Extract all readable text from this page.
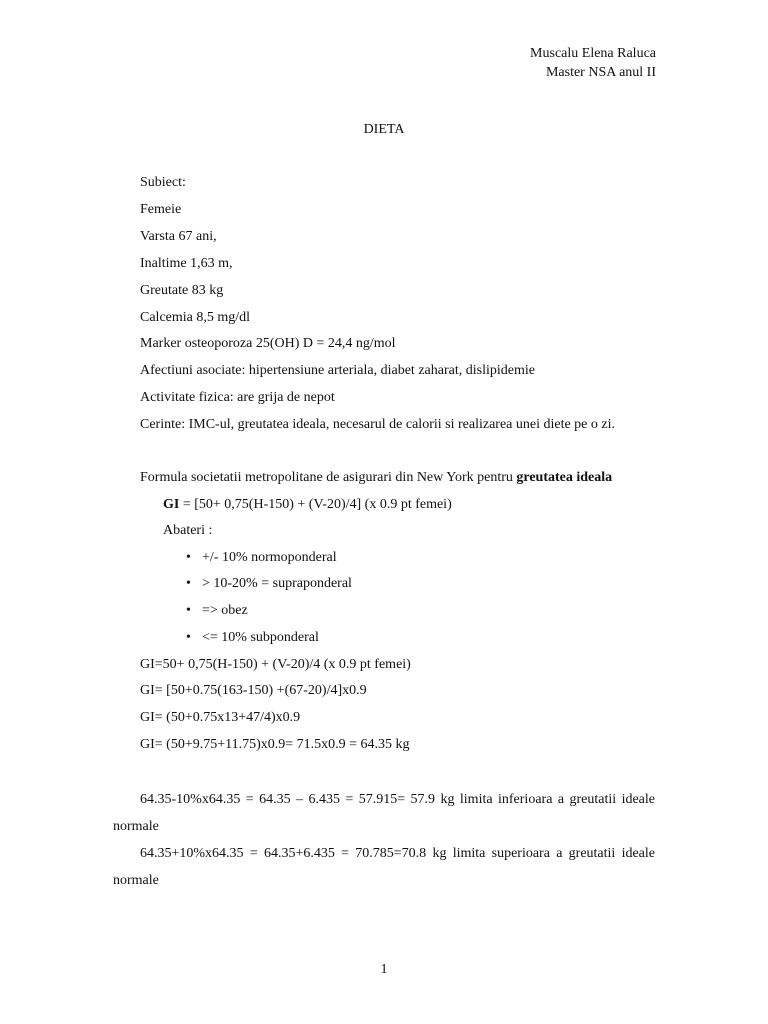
Muscalu Elena Raluca
Master NSA anul II
DIETA
Subiect:
Femeie
Varsta 67 ani,
Inaltime 1,63 m,
Greutate 83 kg
Calcemia 8,5 mg/dl
Marker osteoporoza 25(OH) D = 24,4 ng/mol
Afectiuni asociate: hipertensiune arteriala, diabet zaharat, dislipidemie
Activitate fizica: are grija de nepot
Cerinte: IMC-ul, greutatea ideala, necesarul de calorii si realizarea unei diete pe o zi.
Formula societatii metropolitane de asigurari din New York pentru greutatea ideala
GI = [50+ 0,75(H-150) + (V-20)/4] (x 0.9 pt femei)
Abateri :
• +/- 10% normoponderal
• > 10-20% = supraponderal
• => obez
• <= 10% subponderal
GI=50+ 0,75(H-150) + (V-20)/4 (x 0.9 pt femei)
GI= [50+0.75(163-150) +(67-20)/4]x0.9
GI= (50+0.75x13+47/4)x0.9
GI= (50+9.75+11.75)x0.9= 71.5x0.9 = 64.35 kg
64.35-10%x64.35 = 64.35 – 6.435 = 57.915= 57.9 kg limita inferioara a greutatii ideale normale
64.35+10%x64.35 = 64.35+6.435 = 70.785=70.8 kg limita superioara a greutatii ideale normale
1
